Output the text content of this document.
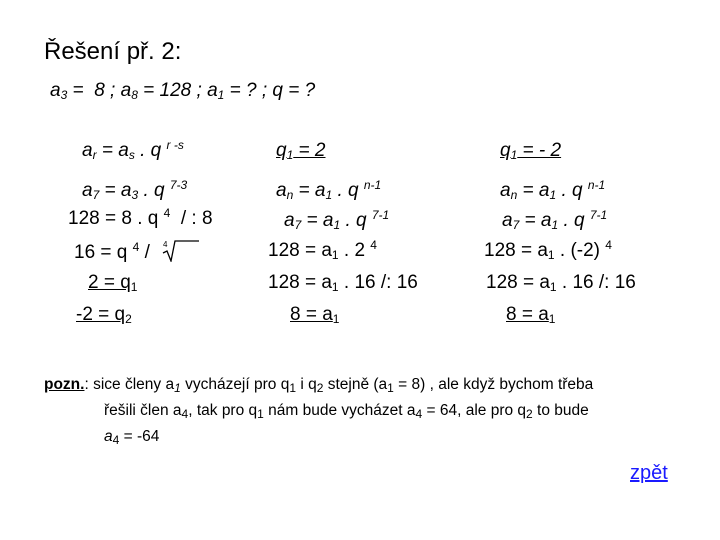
Řešení př. 2:
$a_3 = 8$ ; $a_8 = 128$ ; $a_1$ = ? ; q = ?
$a_r = a_s$ . q $^{r -s}$
$a_7 = a_3$ . q $^{7-3}$
128 = 8 . q $^4$ / : 8
16 = q $^4$ / 4
$2 = q_1$
$-2 = q_2$
$q_1 = 2$
$a_n = a_1$ . q $^{n-1}$
$a_7 = a_1$ . q $^{7-1}$
$128 = a_1$ . 2 $^4$
$128 = a_1$ . 16 /: 16
$8 = a_1$
$q_1$ = - 2
$a_n = a_1$ . q $^{n-1}$
$a_7 = a_1$ . q $^{7-1}$
$128 = a_1$ . (-2) $^4$
$128 = a_1$ . 16 /: 16
$8 = a_1$
pozn.: sice členy $a_1$ vycházejí pro $q_1$ i $q_2$ stejně $(a_1 = 8)$ , ale když bychom třeba
řešili člen $a_4$, tak pro $q_1$ nám bude vycházet $a_4 = 64$, ale pro $q_2$ to bude
$a_4 = -64$
zpět
